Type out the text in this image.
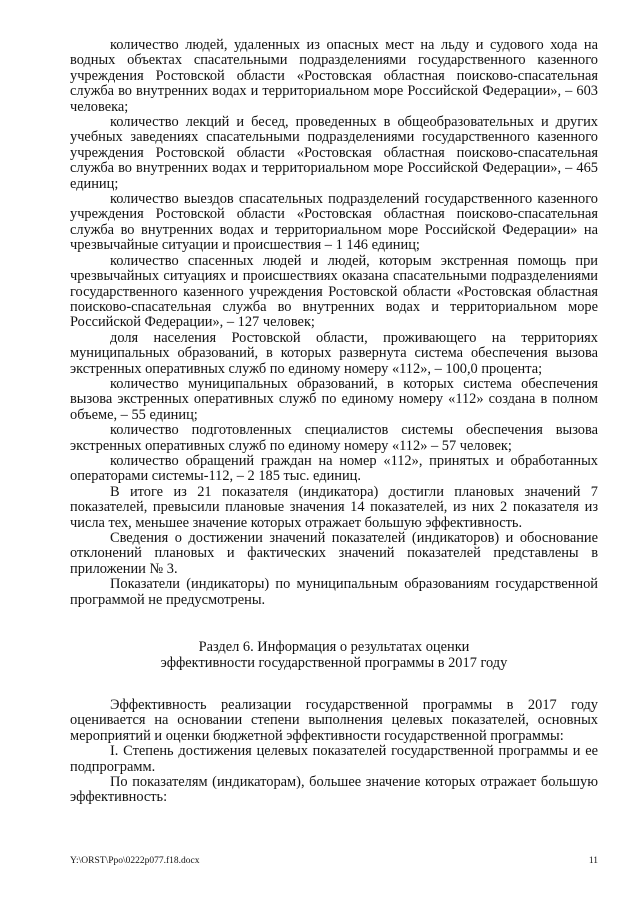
количество людей, удаленных из опасных мест на льду и судового хода на водных объектах спасательными подразделениями государственного казенного учреждения Ростовской области «Ростовская областная поисково-спасательная служба во внутренних водах и территориальном море Российской Федерации», – 603 человека;

количество лекций и бесед, проведенных в общеобразовательных и других учебных заведениях спасательными подразделениями государственного казенного учреждения Ростовской области «Ростовская областная поисково-спасательная служба во внутренних водах и территориальном море Российской Федерации», – 465 единиц;

количество выездов спасательных подразделений государственного казенного учреждения Ростовской области «Ростовская областная поисково-спасательная служба во внутренних водах и территориальном море Российской Федерации» на чрезвычайные ситуации и происшествия – 1 146 единиц;

количество спасенных людей и людей, которым экстренная помощь при чрезвычайных ситуациях и происшествиях оказана спасательными подразделениями государственного казенного учреждения Ростовской области «Ростовская областная поисково-спасательная служба во внутренних водах и территориальном море Российской Федерации», – 127 человек;

доля населения Ростовской области, проживающего на территориях муниципальных образований, в которых развернута система обеспечения вызова экстренных оперативных служб по единому номеру «112», – 100,0 процента;

количество муниципальных образований, в которых система обеспечения вызова экстренных оперативных служб по единому номеру «112» создана в полном объеме, – 55 единиц;

количество подготовленных специалистов системы обеспечения вызова экстренных оперативных служб по единому номеру «112» – 57 человек;

количество обращений граждан на номер «112», принятых и обработанных операторами системы-112, – 2 185 тыс. единиц.

В итоге из 21 показателя (индикатора) достигли плановых значений 7 показателей, превысили плановые значения 14 показателей, из них 2 показателя из числа тех, меньшее значение которых отражает большую эффективность.

Сведения о достижении значений показателей (индикаторов) и обоснование отклонений плановых и фактических значений показателей представлены в приложении № 3.

Показатели (индикаторы) по муниципальным образованиям государственной программой не предусмотрены.

Раздел 6. Информация о результатах оценки
эффективности государственной программы в 2017 году

Эффективность реализации государственной программы в 2017 году оценивается на основании степени выполнения целевых показателей, основных мероприятий и оценки бюджетной эффективности государственной программы:

I. Степень достижения целевых показателей государственной программы и ее подпрограмм.

По показателям (индикаторам), большее значение которых отражает большую эффективность:

Y:\ORST\Ppo\0222p077.f18.docx	11
